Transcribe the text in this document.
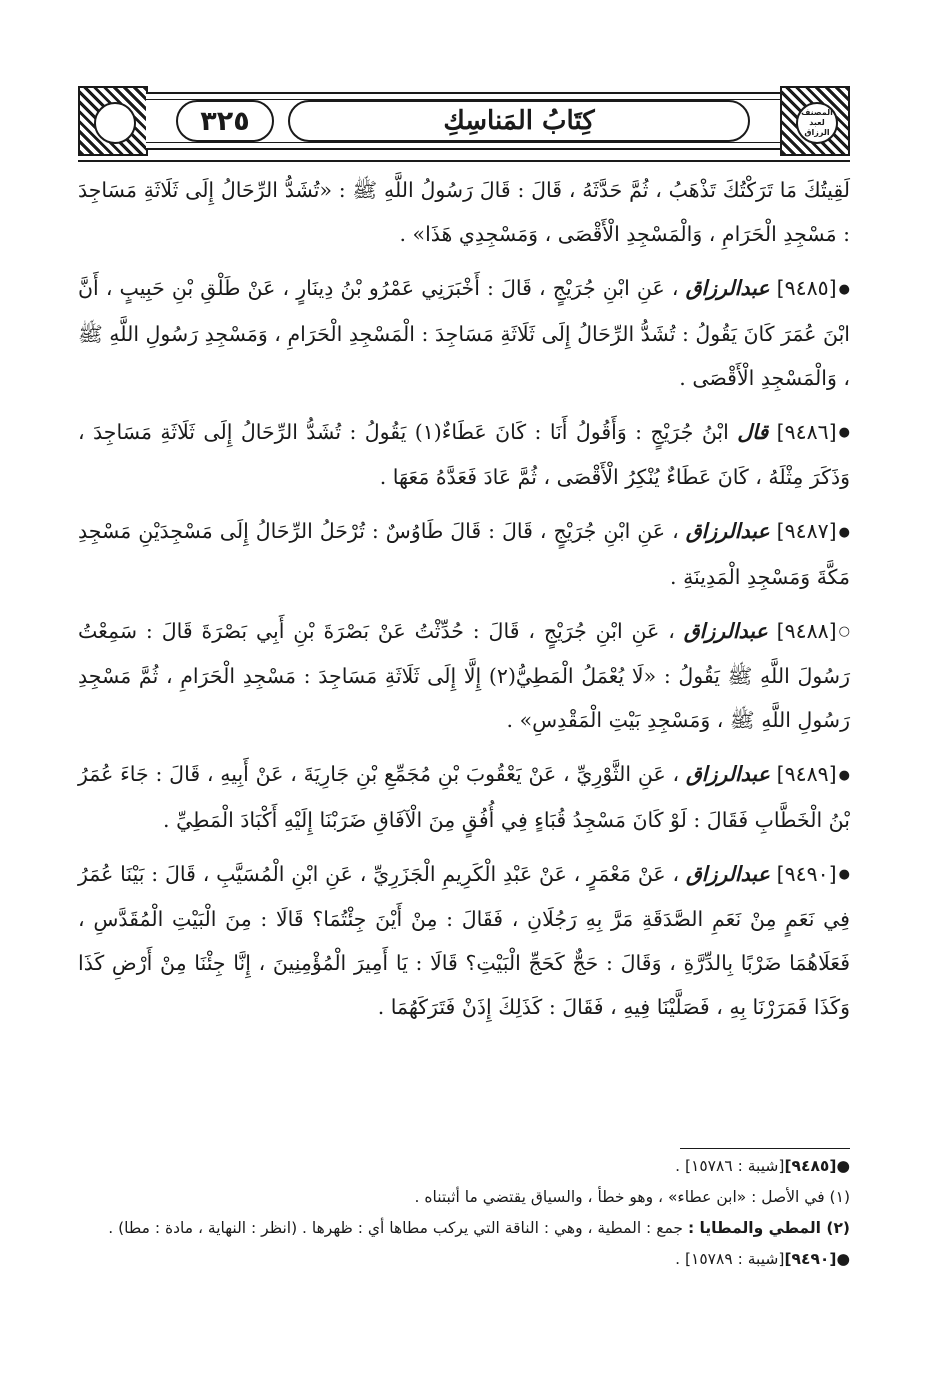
المصنف لعبد الرزاق
٣٢٥	كِتَابُ المَناسِكِ

لَقِيتُكَ مَا تَرَكْتُكَ تَذْهَبُ ، ثُمَّ حَدَّثَهُ ، قَالَ : قَالَ رَسُولُ اللَّهِ ﷺ : «تُشَدُّ الرِّحَالُ إِلَى ثَلَاثَةِ مَسَاجِدَ : مَسْجِدِ الْحَرَامِ ، وَالْمَسْجِدِ الْأَقْصَى ، وَمَسْجِدِي هَذَا» .

●[٩٤٨٥] عبدالرزاق ، عَنِ ابْنِ جُرَيْجٍ ، قَالَ : أَخْبَرَنِي عَمْرُو بْنُ دِينَارٍ ، عَنْ طَلْقِ بْنِ حَبِيبٍ ، أَنَّ ابْنَ عُمَرَ كَانَ يَقُولُ : تُشَدُّ الرِّحَالُ إِلَى ثَلَاثَةِ مَسَاجِدَ : الْمَسْجِدِ الْحَرَامِ ، وَمَسْجِدِ رَسُولِ اللَّهِ ﷺ ، وَالْمَسْجِدِ الْأَقْصَى .

●[٩٤٨٦] قال ابْنُ جُرَيْجٍ : وَأَقُولُ أَنَا : كَانَ عَطَاءٌ(١) يَقُولُ : تُشَدُّ الرِّحَالُ إِلَى ثَلَاثَةِ مَسَاجِدَ ، وَذَكَرَ مِثْلَهُ ، كَانَ عَطَاءٌ يُنْكِرُ الْأَقْصَى ، ثُمَّ عَادَ فَعَدَّهُ مَعَهَا .

●[٩٤٨٧] عبدالرزاق ، عَنِ ابْنِ جُرَيْجٍ ، قَالَ : قَالَ طَاوُسٌ : تُرْحَلُ الرِّحَالُ إِلَى مَسْجِدَيْنِ مَسْجِدِ مَكَّةَ وَمَسْجِدِ الْمَدِينَةِ .

○[٩٤٨٨] عبدالرزاق ، عَنِ ابْنِ جُرَيْجٍ ، قَالَ : حُدِّثْتُ عَنْ بَصْرَةَ بْنِ أَبِي بَصْرَةَ قَالَ : سَمِعْتُ رَسُولَ اللَّهِ ﷺ يَقُولُ : «لَا يُعْمَلُ الْمَطِيُّ(٢) إِلَّا إِلَى ثَلَاثَةِ مَسَاجِدَ : مَسْجِدِ الْحَرَامِ ، ثُمَّ مَسْجِدِ رَسُولِ اللَّهِ ﷺ ، وَمَسْجِدِ بَيْتِ الْمَقْدِسِ» .

●[٩٤٨٩] عبدالرزاق ، عَنِ الثَّوْرِيِّ ، عَنْ يَعْقُوبَ بْنِ مُجَمِّعِ بْنِ جَارِيَةَ ، عَنْ أَبِيهِ ، قَالَ : جَاءَ عُمَرُ بْنُ الْخَطَّابِ فَقَالَ : لَوْ كَانَ مَسْجِدُ قُبَاءٍ فِي أُفُقٍ مِنَ الْآفَاقِ ضَرَبْنَا إِلَيْهِ أَكْبَادَ الْمَطِيِّ .

●[٩٤٩٠] عبدالرزاق ، عَنْ مَعْمَرٍ ، عَنْ عَبْدِ الْكَرِيمِ الْجَزَرِيِّ ، عَنِ ابْنِ الْمُسَيَّبِ ، قَالَ : بَيْنَا عُمَرُ فِي نَعَمٍ مِنْ نَعَمِ الصَّدَقَةِ مَرَّ بِهِ رَجُلَانِ ، فَقَالَ : مِنْ أَيْنَ جِئْتُمَا؟ قَالَا : مِنَ الْبَيْتِ الْمُقَدَّسِ ، فَعَلَاهُمَا ضَرْبًا بِالدِّرَّةِ ، وَقَالَ : حَجٌّ كَحَجِّ الْبَيْتِ؟ قَالَا : يَا أَمِيرَ الْمُؤْمِنِينَ ، إِنَّا جِئْنَا مِنْ أَرْضِ كَذَا وَكَذَا فَمَرَرْنَا بِهِ ، فَصَلَّيْنَا فِيهِ ، فَقَالَ : كَذَلِكَ إِذَنْ فَتَرَكَهُمَا .

●[٩٤٨٥][شيبة : ١٥٧٨٦] .

(١) في الأصل : «ابن عطاء» ، وهو خطأ ، والسياق يقتضي ما أثبتناه .

(٢) المطي والمطايا : جمع : المطية ، وهي : الناقة التي يركب مطاها أي : ظهرها . (انظر : النهاية ، مادة : مطا) .

●[٩٤٩٠][شيبة : ١٥٧٨٩] .
